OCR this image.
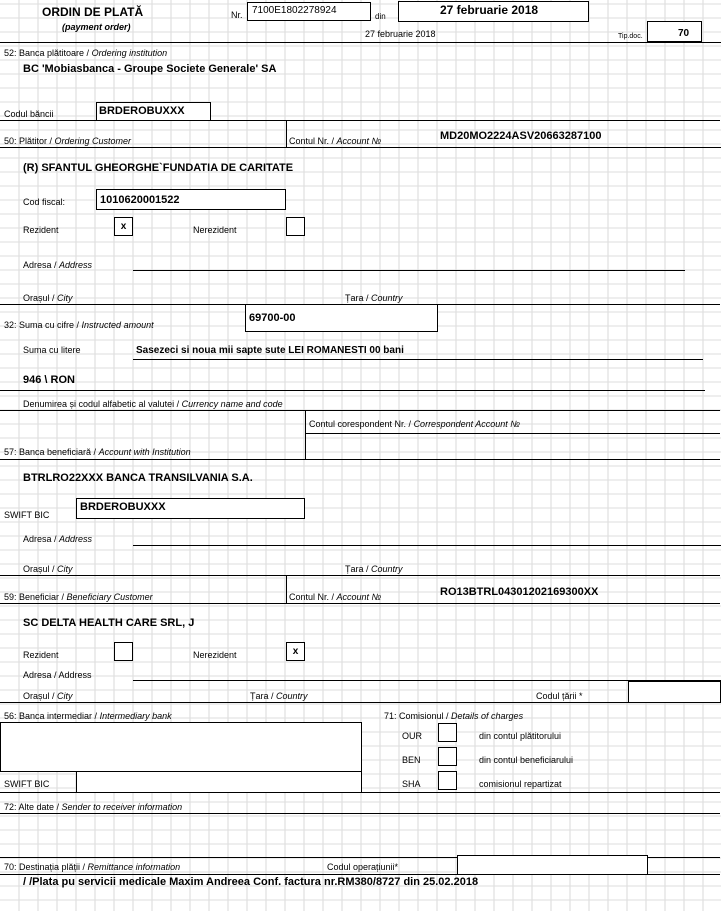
ORDIN DE PLATĂ
(payment order)
Nr. 7100E1802278924
din	27 februarie 2018
27 februarie 2018	Tip.doc.	70
52: Banca plătitoare / Ordering institution
BC 'Mobiasbanca - Groupe Societe Generale' SA
Codul băncii	BRDEROBUXXX
50: Plătitor / Ordering Customer	Contul Nr. / Account №	MD20MO2224ASV20663287100
(R) SFANTUL GHEORGHE`FUNDATIA DE CARITATE
Cod fiscal:	1010620001522
Rezident	x	Nerezident
Adresa / Address
Orașul / City	Țara / Country
32: Suma cu cifre / Instructed amount
69700-00
Suma cu litere	Sasezeci si noua mii sapte sute LEI ROMANESTI 00 bani
946 \ RON
Denumirea și codul alfabetic al valutei / Currency name and code
Contul corespondent Nr. / Correspondent Account №
57: Banca beneficiară / Account with Institution
BTRLRO22XXX BANCA TRANSILVANIA S.A.
SWIFT BIC
BRDEROBUXXX
Adresa / Address
Orașul / City	Țara / Country
59: Beneficiar / Beneficiary Customer	Contul Nr. / Account №	RO13BTRL04301202169300XX
SC DELTA HEALTH CARE SRL, J
Rezident	Nerezident	x
Adresa / Address
Orașul / City	Țara / Country	Codul țării *
56: Banca intermediar / Intermediary bank	71: Comisionul / Details of charges
OUR	din contul plătitorului
BEN	din contul beneficiarului
SHA	comisionul repartizat
SWIFT BIC
72: Alte date / Sender to receiver information
70: Destinația plății / Remittance information	Codul operațiunii*
/ /Plata pu servicii medicale Maxim Andreea Conf. factura nr.RM380/8727 din 25.02.2018
